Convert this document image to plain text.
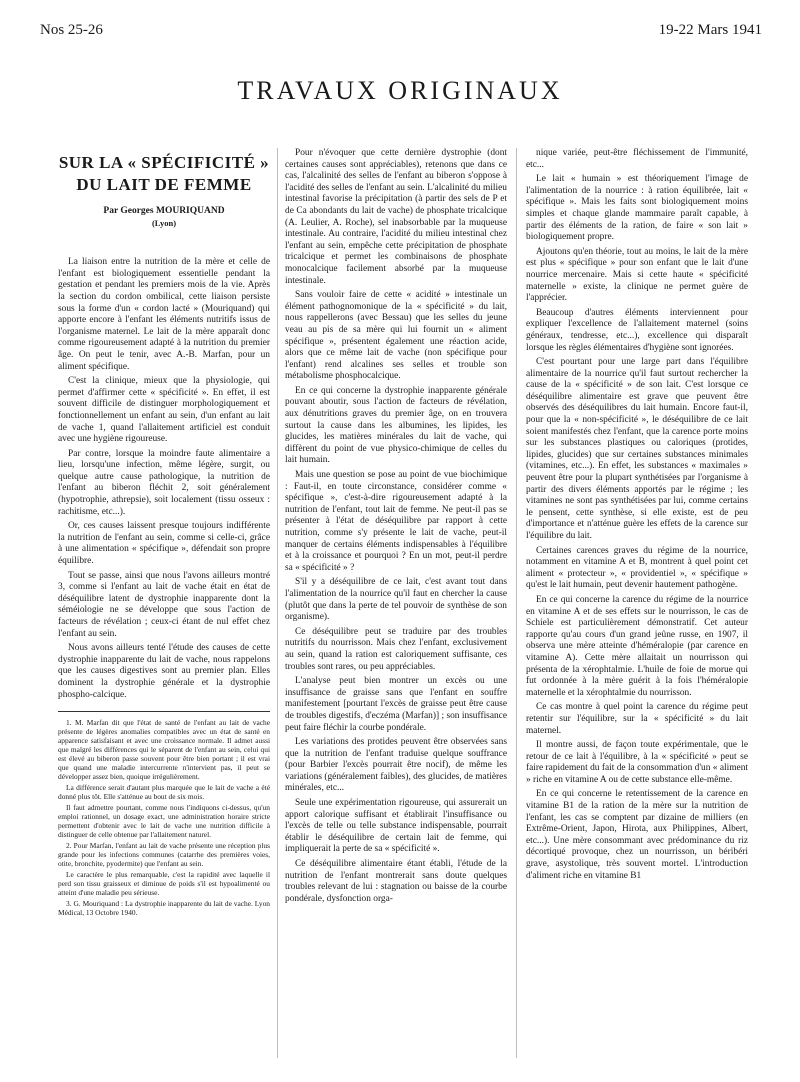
Nos 25-26	19-22 Mars 1941
TRAVAUX ORIGINAUX
SUR LA « SPÉCIFICITÉ »
DU LAIT DE FEMME
Par Georges MOURIQUAND
(Lyon)

La liaison entre la nutrition de la mère et celle de l'enfant est biologiquement essentielle pendant la gestation et pendant les premiers mois de la vie. Après la section du cordon ombilical, cette liaison persiste sous la forme d'un « cordon lacté » (Mouriquand) qui apporte encore à l'enfant les éléments nutritifs issus de l'organisme maternel. Le lait de la mère apparaît donc comme rigoureusement adapté à la nutrition du premier âge. On peut le tenir, avec A.-B. Marfan, pour un aliment spécifique.

C'est la clinique, mieux que la physiologie, qui permet d'affirmer cette « spécificité ». En effet, il est souvent difficile de distinguer morphologiquement et fonctionnellement un enfant au sein, d'un enfant au lait de vache 1, quand l'allaitement artificiel est conduit avec une hygiène rigoureuse.

Par contre, lorsque la moindre faute alimentaire a lieu, lorsqu'une infection, même légère, surgit, ou quelque autre cause pathologique, la nutrition de l'enfant au biberon fléchit 2, soit généralement (hypotrophie, athrepsie), soit localement (tissu osseux : rachitisme, etc...).

Or, ces causes laissent presque toujours indifférente la nutrition de l'enfant au sein, comme si celle-ci, grâce à une alimentation « spécifique », défendait son propre équilibre.

Tout se passe, ainsi que nous l'avons ailleurs montré 3, comme si l'enfant au lait de vache était en état de déséquilibre latent de dystrophie inapparente dont la séméiologie ne se développe que sous l'action de facteurs de révélation ; ceux-ci étant de nul effet chez l'enfant au sein.

Nous avons ailleurs tenté l'étude des causes de cette dystrophie inapparente du lait de vache, nous rappelons que les causes digestives sont au premier plan. Elles dominent la dystrophie générale et la dystrophie phospho-calcique.

1. M. Marfan dit que l'état de santé de l'enfant au lait de vache présente de légères anomalies compatibles avec un état de santé en apparence satisfaisant et avec une croissance normale. Il admet aussi que malgré les différences qui le séparent de l'enfant au sein, celui qui est élevé au biberon passe souvent pour être bien portant ; il est vrai que quand une maladie intercurrente n'intervient pas, il peut se développer assez bien, quoique irrégulièrement.

La différence serait d'autant plus marquée que le lait de vache a été donné plus tôt. Elle s'atténue au bout de six mois.

Il faut admettre pourtant, comme nous l'indiquons ci-dessus, qu'un emploi rationnel, un dosage exact, une administration horaire stricte permettent d'obtenir avec le lait de vache une nutrition difficile à distinguer de celle obtenue par l'allaitement naturel.

2. Pour Marfan, l'enfant au lait de vache présente une réception plus grande pour les infections communes (catarrhe des premières voies, otite, bronchite, pyodermite) que l'enfant au sein.

Le caractère le plus remarquable, c'est la rapidité avec laquelle il perd son tissu graisseux et diminue de poids s'il est hypoalimenté ou atteint d'une maladie peu sérieuse.

3. G. Mouriquand : La dystrophie inapparente du lait de vache. Lyon Médical, 13 Octobre 1940.

Pour n'évoquer que cette dernière dystrophie (dont certaines causes sont appréciables), retenons que dans ce cas, l'alcalinité des selles de l'enfant au biberon s'oppose à l'acidité des selles de l'enfant au sein. L'alcalinité du milieu intestinal favorise la précipitation (à partir des sels de P et de Ca abondants du lait de vache) de phosphate tricalcique (A. Leulier, A. Roche), sel inabsorbable par la muqueuse intestinale. Au contraire, l'acidité du milieu intestinal chez l'enfant au sein, empêche cette précipitation de phosphate tricalcique et permet les combinaisons de phosphate monocalcique facilement absorbé par la muqueuse intestinale.

Sans vouloir faire de cette « acidité » intestinale un élément pathognomonique de la « spécificité » du lait, nous rappellerons (avec Bessau) que les selles du jeune veau au pis de sa mère qui lui fournit un « aliment spécifique », présentent également une réaction acide, alors que ce même lait de vache (non spécifique pour l'enfant) rend alcalines ses selles et trouble son métabolisme phosphocalcique.

En ce qui concerne la dystrophie inapparente générale pouvant aboutir, sous l'action de facteurs de révélation, aux dénutritions graves du premier âge, on en trouvera surtout la cause dans les albumines, les lipides, les glucides, les matières minérales du lait de vache, qui diffèrent du point de vue physico-chimique de celles du lait humain.

Mais une question se pose au point de vue biochimique : Faut-il, en toute circonstance, considérer comme « spécifique », c'est-à-dire rigoureusement adapté à la nutrition de l'enfant, tout lait de femme. Ne peut-il pas se présenter à l'état de déséquilibre par rapport à cette nutrition, comme s'y présente le lait de vache, peut-il manquer de certains éléments indispensables à l'équilibre et à la croissance et pourquoi ? En un mot, peut-il perdre sa « spécificité » ?

S'il y a déséquilibre de ce lait, c'est avant tout dans l'alimentation de la nourrice qu'il faut en chercher la cause (plutôt que dans la perte de tel pouvoir de synthèse de son organisme).

Ce déséquilibre peut se traduire par des troubles nutritifs du nourrisson. Mais chez l'enfant, exclusivement au sein, quand la ration est caloriquement suffisante, ces troubles sont rares, ou peu appréciables.

L'analyse peut bien montrer un excès ou une insuffisance de graisse sans que l'enfant en souffre manifestement [pourtant l'excès de graisse peut être cause de troubles digestifs, d'eczéma (Marfan)] ; son insuffisance peut faire fléchir la courbe pondérale.

Les variations des protides peuvent être observées sans que la nutrition de l'enfant traduise quelque souffrance (pour Barbier l'excès pourrait être nocif), de même les variations (généralement faibles), des glucides, de matières minérales, etc...

Seule une expérimentation rigoureuse, qui assurerait un apport calorique suffisant et établirait l'insuffisance ou l'excès de telle ou telle substance indispensable, pourrait établir le déséquilibre de certain lait de femme, qui impliquerait la perte de sa « spécificité ».

Ce déséquilibre alimentaire étant établi, l'étude de la nutrition de l'enfant montrerait sans doute quelques troubles relevant de lui : stagnation ou baisse de la courbe pondérale, dysfonction orga-

nique variée, peut-être fléchissement de l'immunité, etc...

Le lait « humain » est théoriquement l'image de l'alimentation de la nourrice : à ration équilibrée, lait « spécifique ». Mais les faits sont biologiquement moins simples et chaque glande mammaire paraît capable, à partir des éléments de la ration, de faire « son lait » biologiquement propre.

Ajoutons qu'en théorie, tout au moins, le lait de la mère est plus « spécifique » pour son enfant que le lait d'une nourrice mercenaire. Mais si cette haute « spécificité maternelle » existe, la clinique ne permet guère de l'apprécier.

Beaucoup d'autres éléments interviennent pour expliquer l'excellence de l'allaitement maternel (soins généraux, tendresse, etc...), excellence qui disparaît lorsque les règles élémentaires d'hygiène sont ignorées.

C'est pourtant pour une large part dans l'équilibre alimentaire de la nourrice qu'il faut surtout rechercher la cause de la « spécificité » de son lait. C'est lorsque ce déséquilibre alimentaire est grave que peuvent être observés des déséquilibres du lait humain. Encore faut-il, pour que la « non-spécificité », le déséquilibre de ce lait soient manifestés chez l'enfant, que la carence porte moins sur les substances plastiques ou caloriques (protides, lipides, glucides) que sur certaines substances minimales (vitamines, etc...). En effet, les substances « maximales » peuvent être pour la plupart synthétisées par l'organisme à partir des divers éléments apportés par le régime ; les vitamines ne sont pas synthétisées par lui, comme certains le pensent, cette synthèse, si elle existe, est de peu d'importance et n'atténue guère les effets de la carence sur l'équilibre du lait.

Certaines carences graves du régime de la nourrice, notamment en vitamine A et B, montrent à quel point cet aliment « protecteur », « providentiel », « spécifique » qu'est le lait humain, peut devenir hautement pathogène.

En ce qui concerne la carence du régime de la nourrice en vitamine A et de ses effets sur le nourrisson, le cas de Schiele est particulièrement démonstratif. Cet auteur rapporte qu'au cours d'un grand jeûne russe, en 1907, il observa une mère atteinte d'héméralopie (par carence en vitamine A). Cette mère allaitait un nourrisson qui présenta de la xérophtalmie. L'huile de foie de morue qui fut ordonnée à la mère guérit à la fois l'héméralopie maternelle et la xérophtalmie du nourrisson.

Ce cas montre à quel point la carence du régime peut retentir sur l'équilibre, sur la « spécificité » du lait maternel.

Il montre aussi, de façon toute expérimentale, que le retour de ce lait à l'équilibre, à la « spécificité » peut se faire rapidement du fait de la consommation d'un « aliment » riche en vitamine A ou de cette substance elle-même.

En ce qui concerne le retentissement de la carence en vitamine B1 de la ration de la mère sur la nutrition de l'enfant, les cas se comptent par dizaine de milliers (en Extrême-Orient, Japon, Hirota, aux Philippines, Albert, etc...). Une mère consommant avec prédominance du riz décortiqué provoque, chez un nourrisson, un béribéri grave, asystolique, très souvent mortel. L'introduction d'aliment riche en vitamine B1
